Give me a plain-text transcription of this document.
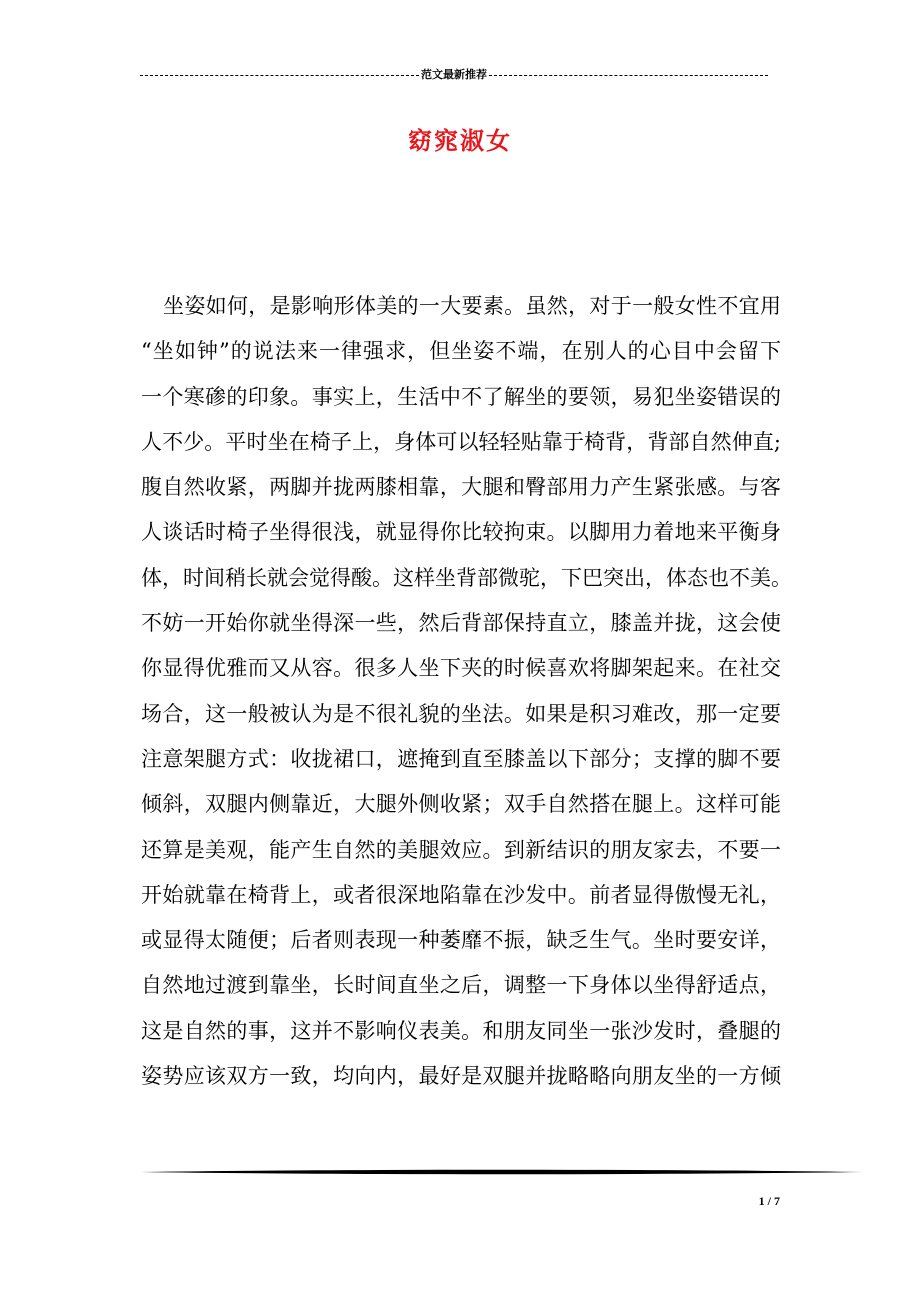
范文最新推荐
窈窕淑女
坐姿如何，是影响形体美的一大要素。虽然，对于一般女性不宜用
“坐如钟”的说法来一律强求，但坐姿不端，在别人的心目中会留下
一个寒碜的印象。事实上，生活中不了解坐的要领，易犯坐姿错误的
人不少。平时坐在椅子上，身体可以轻轻贴靠于椅背，背部自然伸直;
腹自然收紧，两脚并拢两膝相靠，大腿和臀部用力产生紧张感。与客
人谈话时椅子坐得很浅，就显得你比较拘束。以脚用力着地来平衡身
体，时间稍长就会觉得酸。这样坐背部微驼，下巴突出，体态也不美。
不妨一开始你就坐得深一些，然后背部保持直立，膝盖并拢，这会使
你显得优雅而又从容。很多人坐下夹的时候喜欢将脚架起来。在社交
场合，这一般被认为是不很礼貌的坐法。如果是积习难改，那一定要
注意架腿方式：收拢裙口，遮掩到直至膝盖以下部分；支撑的脚不要
倾斜，双腿内侧靠近，大腿外侧收紧；双手自然搭在腿上。这样可能
还算是美观，能产生自然的美腿效应。到新结识的朋友家去，不要一
开始就靠在椅背上，或者很深地陷靠在沙发中。前者显得傲慢无礼，
或显得太随便；后者则表现一种萎靡不振，缺乏生气。坐时要安详，
自然地过渡到靠坐，长时间直坐之后，调整一下身体以坐得舒适点，
这是自然的事，这并不影响仪表美。和朋友同坐一张沙发时，叠腿的
姿势应该双方一致，均向内，最好是双腿并拢略略向朋友坐的一方倾
1 / 7
